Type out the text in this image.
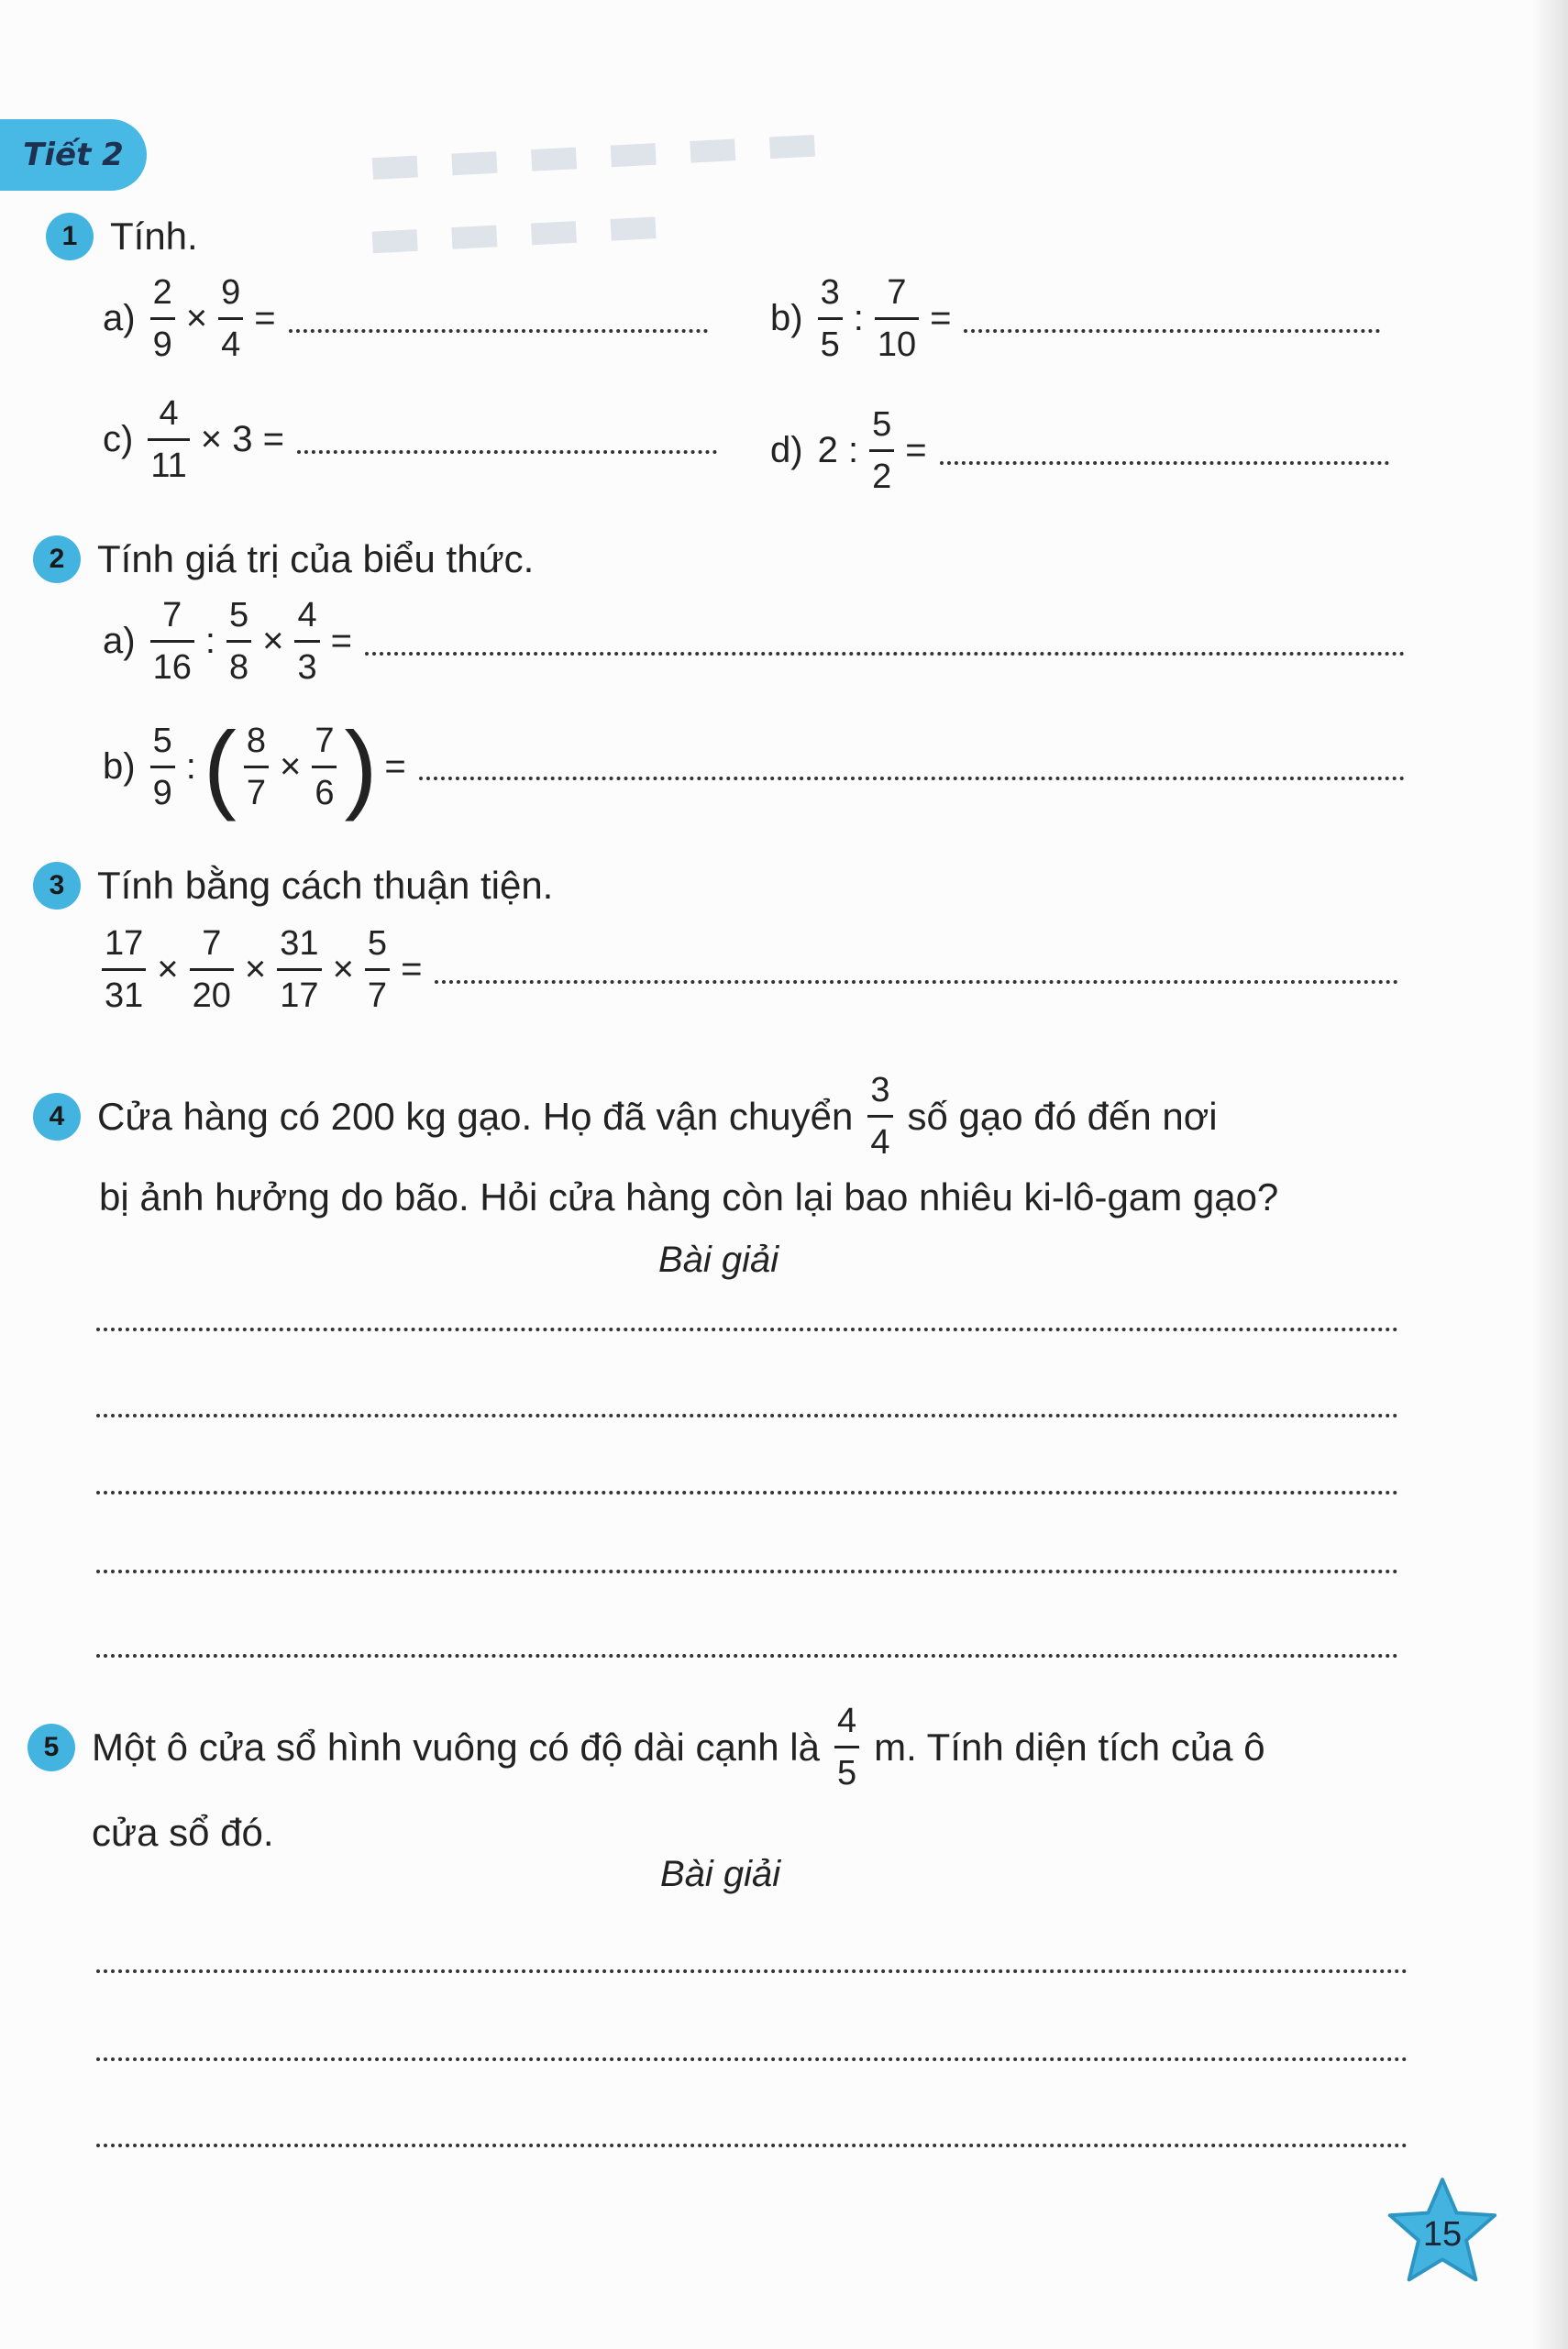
▬ ▬ ▬ ▬ ▬ ▬
▬ ▬ ▬ ▬
Tiết 2
1 Tính.
$a) \frac{2}{9} \times \frac{9}{4}$ =	$b) \frac{3}{5}$ : $\frac{7}{10}$ =
$c) \frac{4}{11} \times 3$ =	d) 2 : $\frac{5}{2}$ =
2 Tính giá trị của biểu thức.
$a) \frac{7}{16}$ : $\frac{5}{8} \times \frac{4}{3}$ =
$b) \frac{5}{9}$ : ( $\frac{8}{7} \times \frac{7}{6}$ ) =
3 Tính bằng cách thuận tiện.
$\frac{17}{31} \times \frac{7}{20} \times \frac{31}{17} \times \frac{5}{7}$ =
4 Cửa hàng có 200 kg gạo. Họ đã vận chuyển $\frac{3}{4}$ số gạo đó đến nơi
bị ảnh hưởng do bão. Hỏi cửa hàng còn lại bao nhiêu ki-lô-gam gạo?
Bài giải
5 Một ô cửa sổ hình vuông có độ dài cạnh là $\frac{4}{5} m$. Tính diện tích của ô
cửa sổ đó.
Bài giải
15
